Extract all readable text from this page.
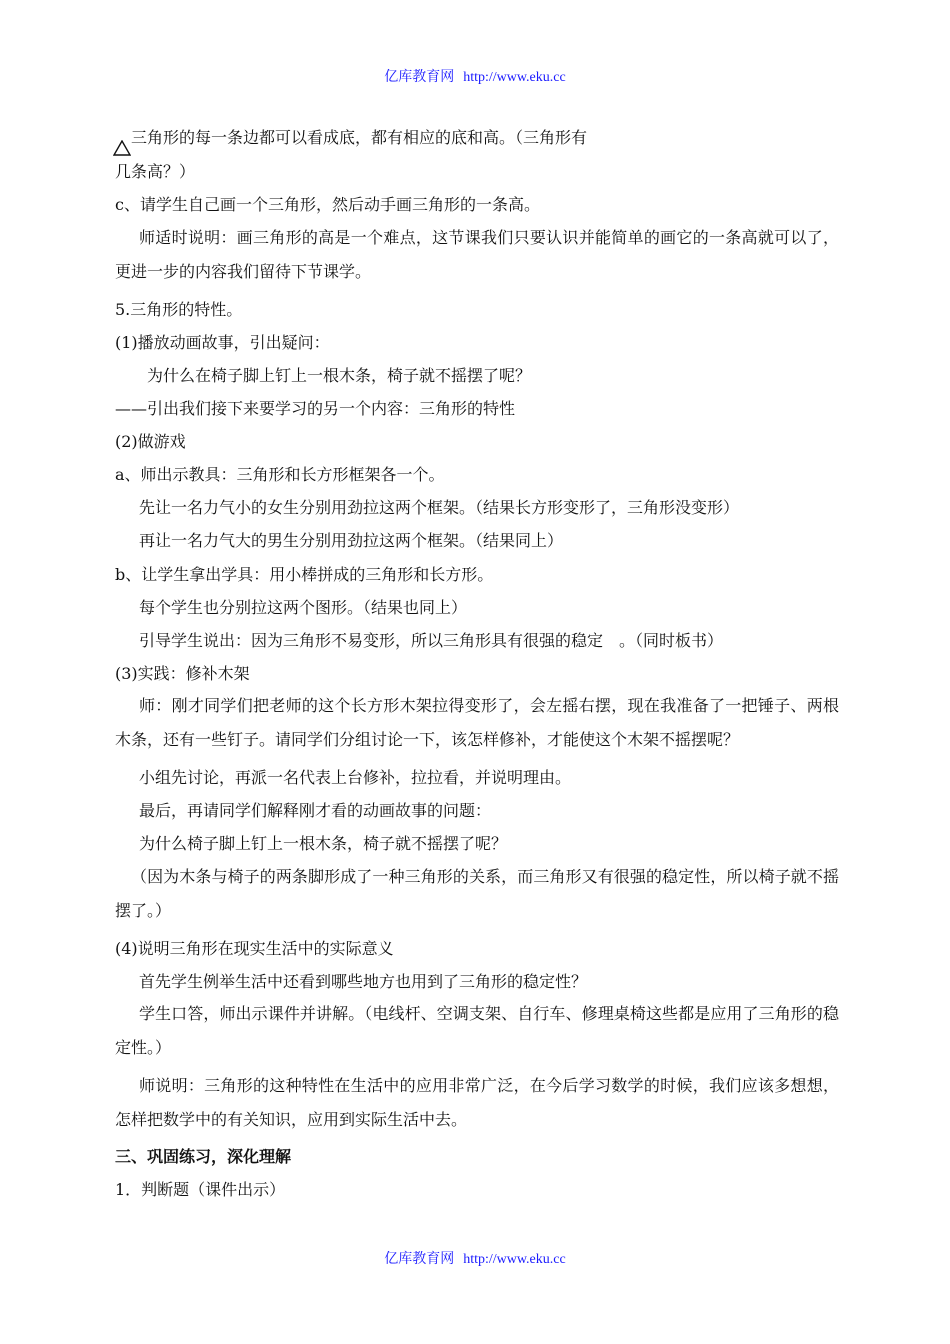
亿库教育网 http://www.eku.cc
三角形的每一条边都可以看成底，都有相应的底和高。（三角形有
几条高？）
c、请学生自己画一个三角形，然后动手画三角形的一条高。
师适时说明：画三角形的高是一个难点，这节课我们只要认识并能简单的画它的一条高就可以了，更进一步的内容我们留待下节课学。
5.三角形的特性。
(1)播放动画故事，引出疑问：
为什么在椅子脚上钉上一根木条，椅子就不摇摆了呢？
——引出我们接下来要学习的另一个内容：三角形的特性
(2)做游戏
a、师出示教具：三角形和长方形框架各一个。
先让一名力气小的女生分别用劲拉这两个框架。（结果长方形变形了，三角形没变形）
再让一名力气大的男生分别用劲拉这两个框架。（结果同上）
b、让学生拿出学具：用小棒拼成的三角形和长方形。
每个学生也分别拉这两个图形。（结果也同上）
引导学生说出：因为三角形不易变形，所以三角形具有很强的稳定　。（同时板书）
(3)实践：修补木架
师：刚才同学们把老师的这个长方形木架拉得变形了，会左摇右摆，现在我准备了一把锤子、两根木条，还有一些钉子。请同学们分组讨论一下，该怎样修补，才能使这个木架不摇摆呢？
小组先讨论，再派一名代表上台修补，拉拉看，并说明理由。
最后，再请同学们解释刚才看的动画故事的问题：
为什么椅子脚上钉上一根木条，椅子就不摇摆了呢？
（因为木条与椅子的两条脚形成了一种三角形的关系，而三角形又有很强的稳定性，所以椅子就不摇摆了。）
(4)说明三角形在现实生活中的实际意义
首先学生例举生活中还看到哪些地方也用到了三角形的稳定性？
学生口答，师出示课件并讲解。（电线杆、空调支架、自行车、修理桌椅这些都是应用了三角形的稳定性。）
师说明：三角形的这种特性在生活中的应用非常广泛，在今后学习数学的时候，我们应该多想想，怎样把数学中的有关知识，应用到实际生活中去。
三、巩固练习，深化理解
1．判断题（课件出示）
亿库教育网 http://www.eku.cc
